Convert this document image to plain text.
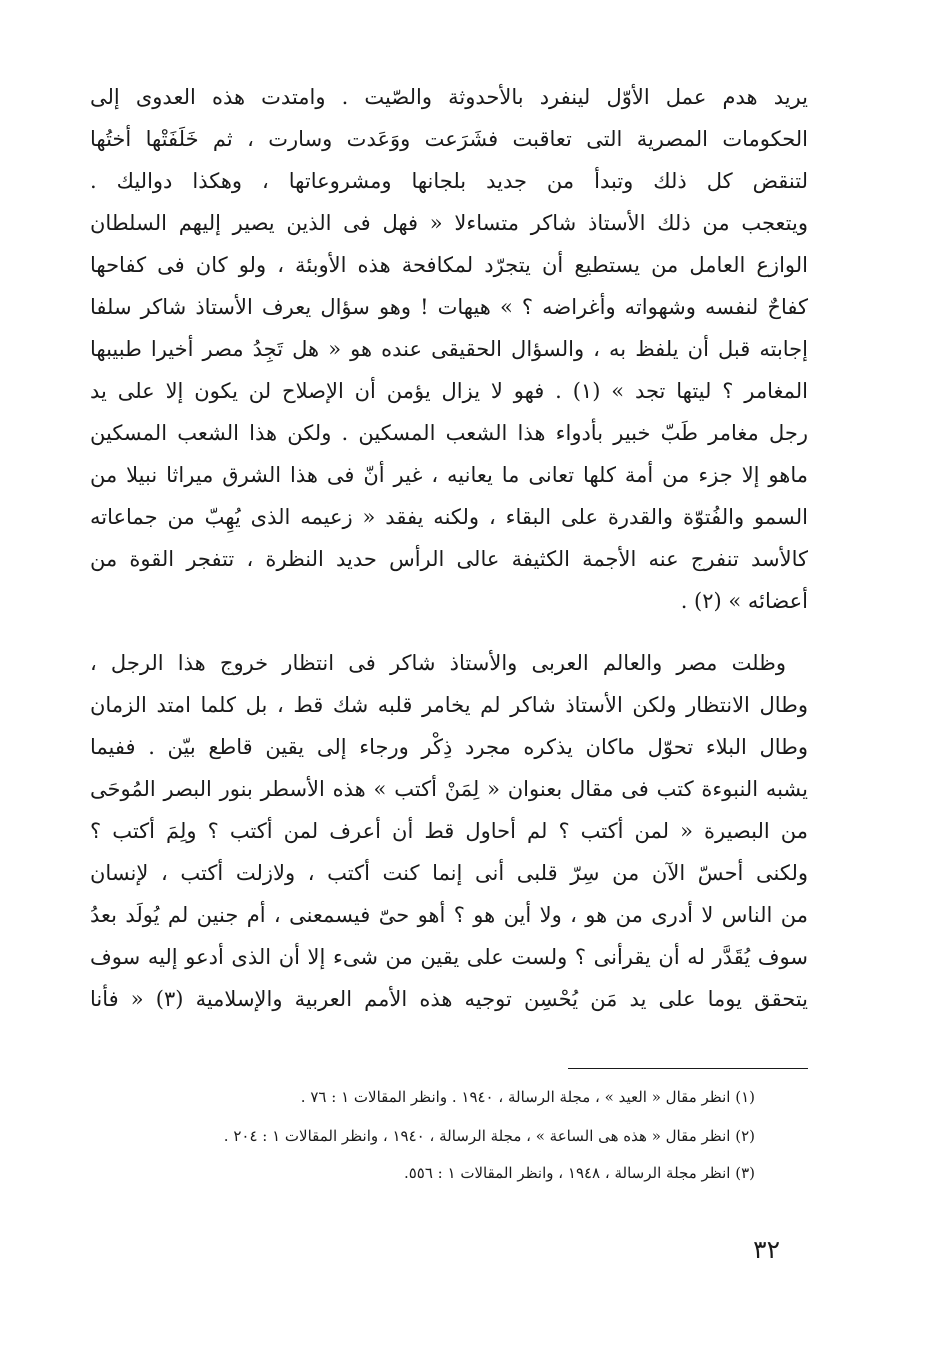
يريد هدم عمل الأوّل لينفرد بالأحدوثة والصّيت . وامتدت هذه العدوى إلى
الحكومات المصرية التى تعاقبت فشَرَعت ووَعَدت وسارت ، ثم خَلَفَتْها أختُها
لتنقض كل ذلك وتبدأ من جديد بلجانها ومشروعاتها ، وهكذا دواليك .
ويتعجب من ذلك الأستاذ شاكر متساءلا « فهل فى الذين يصير إليهم السلطان
الوازع العامل من يستطيع أن يتجرّد لمكافحة هذه الأوبئة ، ولو كان فى كفاحها
كفاحٌ لنفسه وشهواته وأغراضه ؟ » هيهات ! وهو سؤال يعرف الأستاذ شاكر سلفا
إجابته قبل أن يلفظ به ، والسؤال الحقيقى عنده هو « هل تَجِدُ مصر أخيرا طبيبها
المغامر ؟ ليتها تجد » (١) . فهو لا يزال يؤمن أن الإصلاح لن يكون إلا على يد
رجل مغامر طَبّ خبير بأدواء هذا الشعب المسكين . ولكن هذا الشعب المسكين
ماهو إلا جزء من أمة كلها تعانى ما يعانيه ، غير أنّ فى هذا الشرق ميراثا نبيلا من
السمو والفُتوّة والقدرة على البقاء ، ولكنه يفقد « زعيمه الذى يُهِبّ من جماعاته
كالأسد تنفرج عنه الأجمة الكثيفة عالى الرأس حديد النظرة ، تتفجر القوة من
أعضائه » (٢) .
وظلت مصر والعالم العربى والأستاذ شاكر فى انتظار خروج هذا الرجل ،
وطال الانتظار ولكن الأستاذ شاكر لم يخامر قلبه شك قط ، بل كلما امتد الزمان
وطال البلاء تحوّل ماكان يذكره مجرد ذِكْر ورجاء إلى يقين قاطع بيّن . ففيما
يشبه النبوءة كتب فى مقال بعنوان « لِمَنْ أكتب » هذه الأسطر بنور البصر المُوحَى
من البصيرة « لمن أكتب ؟ لم أحاول قط أن أعرف لمن أكتب ؟ ولِمَ أكتب ؟
ولكنى أحسّ الآن من سِرّ قلبى أنى إنما كنت أكتب ، ولازلت أكتب ، لإنسان
من الناس لا أدرى من هو ، ولا أين هو ؟ أهو حىّ فيسمعنى ، أم جنين لم يُولَد بعدُ
سوف يُقَدَّر له أن يقرأنى ؟ ولست على يقين من شىء إلا أن الذى أدعو إليه سوف
يتحقق يوما على يد مَن يُحْسِن توجيه هذه الأمم العربية والإسلامية (٣) « فأنا
(١) انظر مقال « العيد » ، مجلة الرسالة ، ١٩٤٠ . وانظر المقالات ١ : ٧٦ .
(٢) انظر مقال « هذه هى الساعة » ، مجلة الرسالة ، ١٩٤٠ ، وانظر المقالات ١ : ٢٠٤ .
(٣) انظر مجلة الرسالة ، ١٩٤٨ ، وانظر المقالات ١ : ٥٥٦.
٣٢
